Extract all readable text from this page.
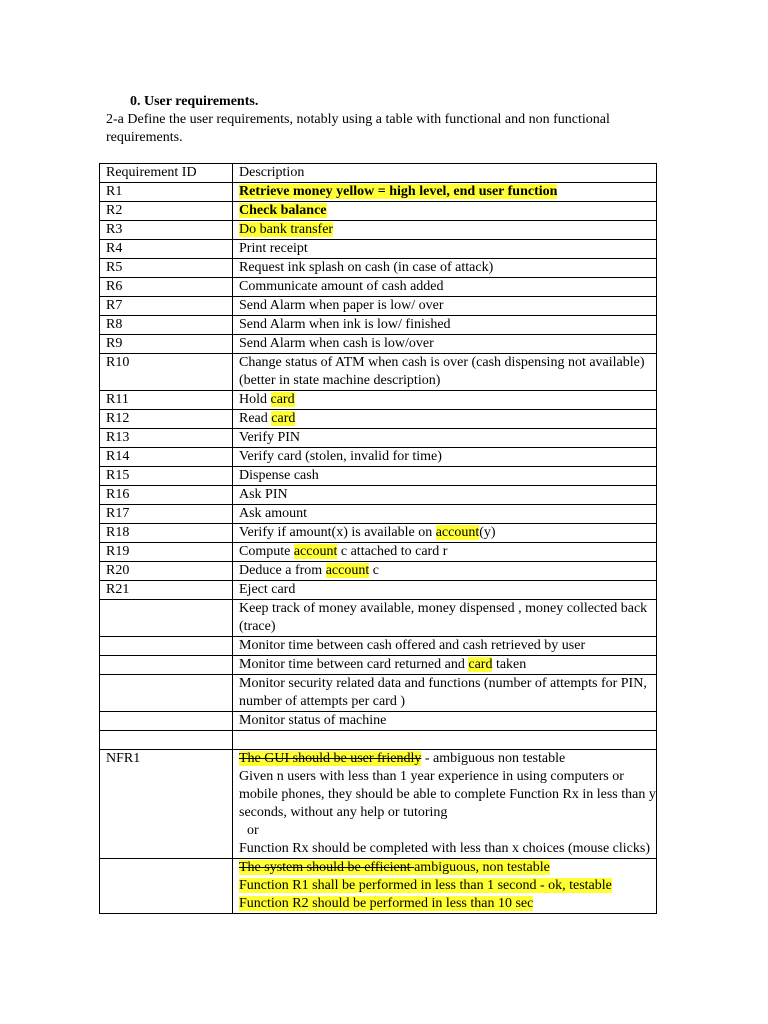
0. User requirements.
2-a Define the user requirements, notably using a table with functional and non functional requirements.
Requirement ID	Description
R1	Retrieve money yellow = high level, end user function
R2	Check balance
R3	Do bank transfer
R4	Print receipt
R5	Request ink splash on cash (in case of attack)
R6	Communicate amount of cash added
R7	Send Alarm when paper is low/ over
R8	Send Alarm when ink is low/ finished
R9	Send Alarm when cash is low/over
R10	Change status of ATM when cash is over (cash dispensing not available) (better in state machine description)
R11	Hold card
R12	Read card
R13	Verify PIN
R14	Verify card (stolen, invalid for time)
R15	Dispense cash
R16	Ask PIN
R17	Ask amount
R18	Verify if amount(x) is available on account(y)
R19	Compute account c attached to card r
R20	Deduce a from account c
R21	Eject card
	Keep track of money available, money dispensed , money collected back (trace)
	Monitor time between cash offered and cash retrieved by user
	Monitor time between card returned and card taken
	Monitor security related data and functions (number of attempts for PIN, number of attempts per card )
	Monitor status of machine

NFR1	The GUI should be user friendly - ambiguous non testable
Given n users with less than 1 year experience in using computers or mobile phones, they should be able to complete Function Rx in less than y seconds, without any help or tutoring
or
Function Rx should be completed with less than x choices (mouse clicks)
	The system should be efficient ambiguous, non testable
Function R1 shall be performed in less than 1 second - ok, testable
Function R2 should be performed in less than 10 sec
